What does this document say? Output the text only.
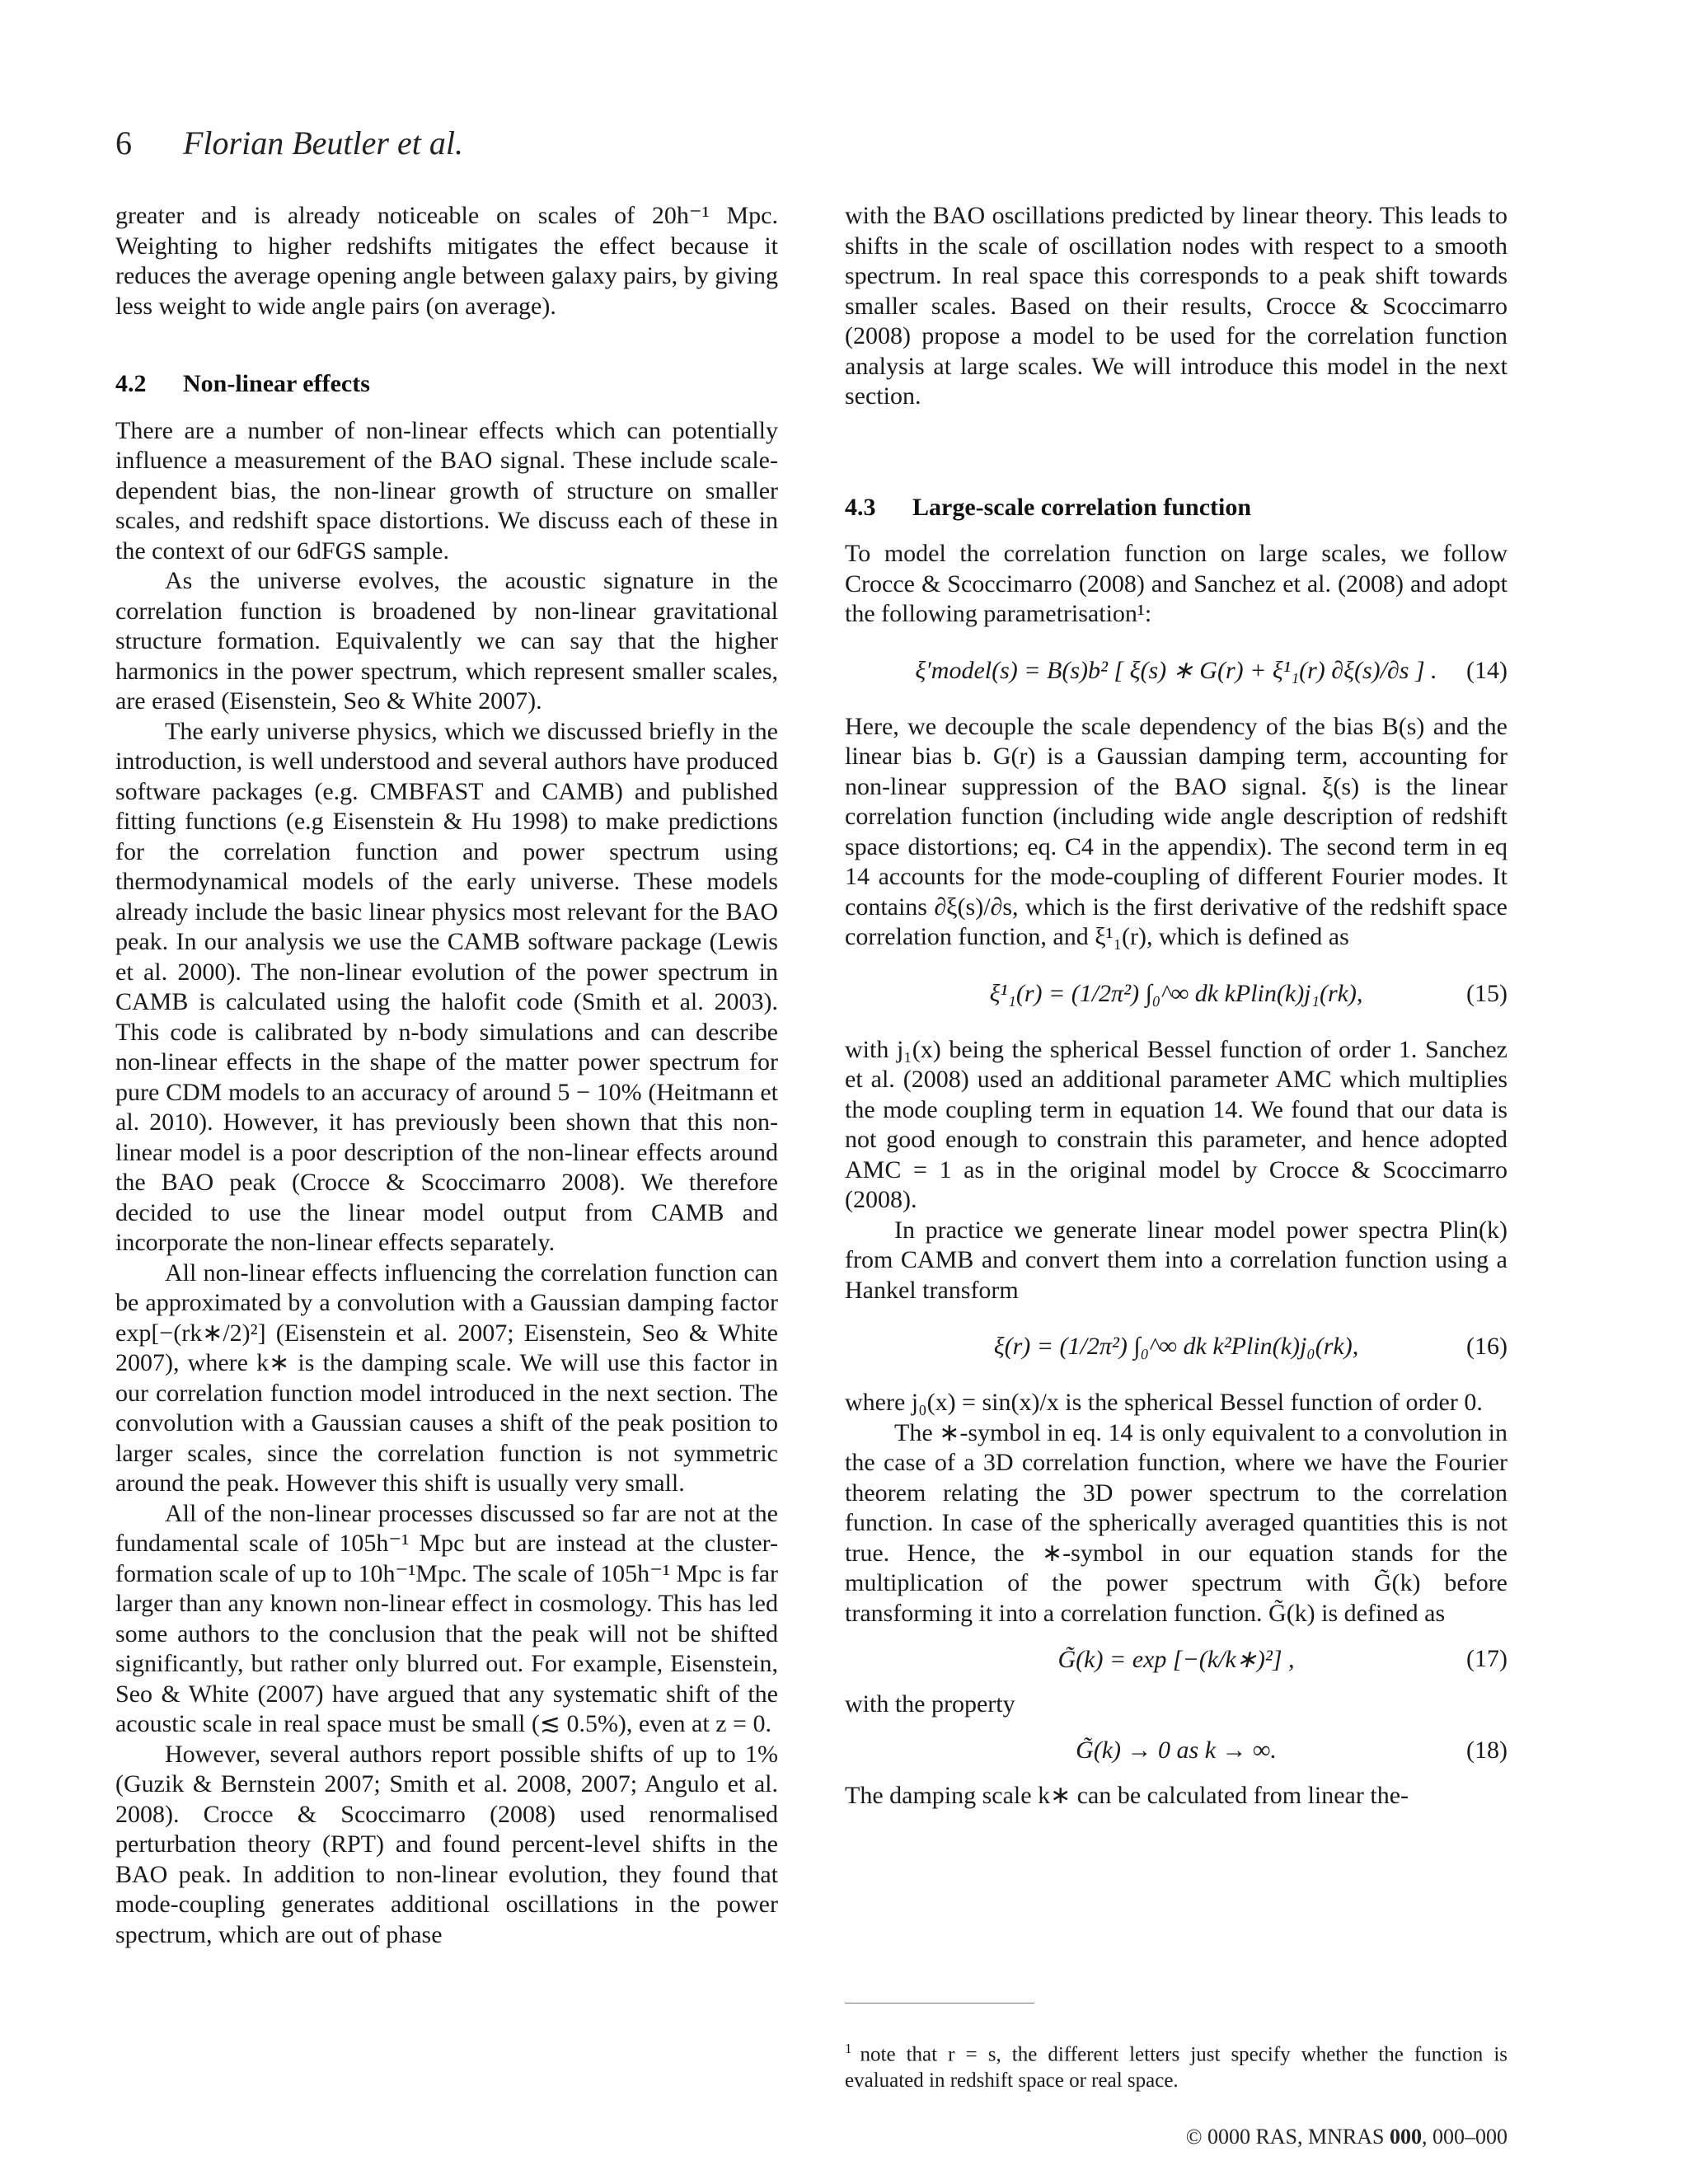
6 Florian Beutler et al.

greater and is already noticeable on scales of 20h⁻¹ Mpc. Weighting to higher redshifts mitigates the effect because it reduces the average opening angle between galaxy pairs, by giving less weight to wide angle pairs (on average).

4.2 Non-linear effects

There are a number of non-linear effects which can potentially influence a measurement of the BAO signal. These include scale-dependent bias, the non-linear growth of structure on smaller scales, and redshift space distortions. We discuss each of these in the context of our 6dFGS sample.

As the universe evolves, the acoustic signature in the correlation function is broadened by non-linear gravitational structure formation. Equivalently we can say that the higher harmonics in the power spectrum, which represent smaller scales, are erased (Eisenstein, Seo & White 2007).

The early universe physics, which we discussed briefly in the introduction, is well understood and several authors have produced software packages (e.g. CMBFAST and CAMB) and published fitting functions (e.g Eisenstein & Hu 1998) to make predictions for the correlation function and power spectrum using thermodynamical models of the early universe. These models already include the basic linear physics most relevant for the BAO peak. In our analysis we use the CAMB software package (Lewis et al. 2000). The non-linear evolution of the power spectrum in CAMB is calculated using the halofit code (Smith et al. 2003). This code is calibrated by n-body simulations and can describe non-linear effects in the shape of the matter power spectrum for pure CDM models to an accuracy of around 5 − 10% (Heitmann et al. 2010). However, it has previously been shown that this non-linear model is a poor description of the non-linear effects around the BAO peak (Crocce & Scoccimarro 2008). We therefore decided to use the linear model output from CAMB and incorporate the non-linear effects separately.

All non-linear effects influencing the correlation function can be approximated by a convolution with a Gaussian damping factor exp[−(rk∗/2)²] (Eisenstein et al. 2007; Eisenstein, Seo & White 2007), where k∗ is the damping scale. We will use this factor in our correlation function model introduced in the next section. The convolution with a Gaussian causes a shift of the peak position to larger scales, since the correlation function is not symmetric around the peak. However this shift is usually very small.

All of the non-linear processes discussed so far are not at the fundamental scale of 105h⁻¹ Mpc but are instead at the cluster-formation scale of up to 10h⁻¹Mpc. The scale of 105h⁻¹ Mpc is far larger than any known non-linear effect in cosmology. This has led some authors to the conclusion that the peak will not be shifted significantly, but rather only blurred out. For example, Eisenstein, Seo & White (2007) have argued that any systematic shift of the acoustic scale in real space must be small (≲ 0.5%), even at z = 0.

However, several authors report possible shifts of up to 1% (Guzik & Bernstein 2007; Smith et al. 2008, 2007; Angulo et al. 2008). Crocce & Scoccimarro (2008) used renormalised perturbation theory (RPT) and found percent-level shifts in the BAO peak. In addition to non-linear evolution, they found that mode-coupling generates additional oscillations in the power spectrum, which are out of phase

with the BAO oscillations predicted by linear theory. This leads to shifts in the scale of oscillation nodes with respect to a smooth spectrum. In real space this corresponds to a peak shift towards smaller scales. Based on their results, Crocce & Scoccimarro (2008) propose a model to be used for the correlation function analysis at large scales. We will introduce this model in the next section.

4.3 Large-scale correlation function

To model the correlation function on large scales, we follow Crocce & Scoccimarro (2008) and Sanchez et al. (2008) and adopt the following parametrisation¹:

ξ′model(s) = B(s)b² [ ξ(s) ∗ G(r) + ξ¹₁(r) ∂ξ(s)/∂s ] . (14)

Here, we decouple the scale dependency of the bias B(s) and the linear bias b. G(r) is a Gaussian damping term, accounting for non-linear suppression of the BAO signal. ξ(s) is the linear correlation function (including wide angle description of redshift space distortions; eq. C4 in the appendix). The second term in eq 14 accounts for the mode-coupling of different Fourier modes. It contains ∂ξ(s)/∂s, which is the first derivative of the redshift space correlation function, and ξ¹₁(r), which is defined as

ξ¹₁(r) = (1/2π²) ∫₀^∞ dk kPlin(k)j₁(rk),	(15)

with j₁(x) being the spherical Bessel function of order 1. Sanchez et al. (2008) used an additional parameter AMC which multiplies the mode coupling term in equation 14. We found that our data is not good enough to constrain this parameter, and hence adopted AMC = 1 as in the original model by Crocce & Scoccimarro (2008).

In practice we generate linear model power spectra Plin(k) from CAMB and convert them into a correlation function using a Hankel transform

ξ(r) = (1/2π²) ∫₀^∞ dk k²Plin(k)j₀(rk),	(16)

where j₀(x) = sin(x)/x is the spherical Bessel function of order 0.

The ∗-symbol in eq. 14 is only equivalent to a convolution in the case of a 3D correlation function, where we have the Fourier theorem relating the 3D power spectrum to the correlation function. In case of the spherically averaged quantities this is not true. Hence, the ∗-symbol in our equation stands for the multiplication of the power spectrum with G̃(k) before transforming it into a correlation function. G̃(k) is defined as

G̃(k) = exp [−(k/k∗)²] ,	(17)

with the property

G̃(k) → 0 as k → ∞.	(18)

The damping scale k∗ can be calculated from linear the-

$^1$ note that r = s, the different letters just specify whether the function is evaluated in redshift space or real space.
© 0000 RAS, MNRAS 000, 000–000
